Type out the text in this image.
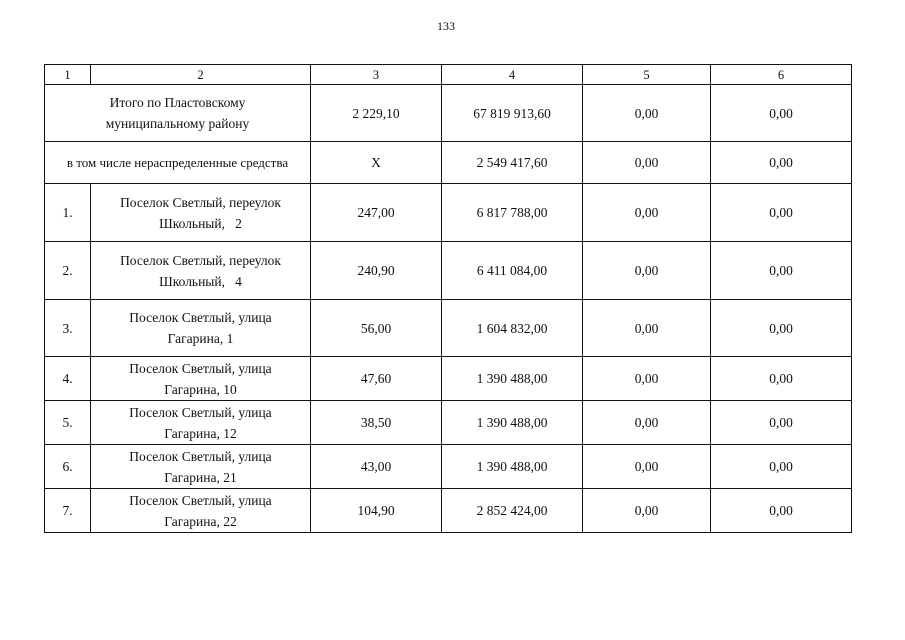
133
1	2	3	4	5	6

Итого по Пластовскому
муниципальному району		2 229,10	67 819 913,60	0,00	0,00
в том числе нераспределенные средства		Х	2 549 417,60	0,00	0,00
1.	Поселок Светлый, переулок
Школьный,   2	247,00	6 817 788,00	0,00	0,00
2.	Поселок Светлый, переулок
Школьный,   4	240,90	6 411 084,00	0,00	0,00
3.	Поселок Светлый, улица
Гагарина, 1	56,00	1 604 832,00	0,00	0,00
4.	Поселок Светлый, улица
Гагарина, 10	47,60	1 390 488,00	0,00	0,00
5.	Поселок Светлый, улица
Гагарина, 12	38,50	1 390 488,00	0,00	0,00
6.	Поселок Светлый, улица
Гагарина, 21	43,00	1 390 488,00	0,00	0,00
7.	Поселок Светлый, улица
Гагарина, 22	104,90	2 852 424,00	0,00	0,00
